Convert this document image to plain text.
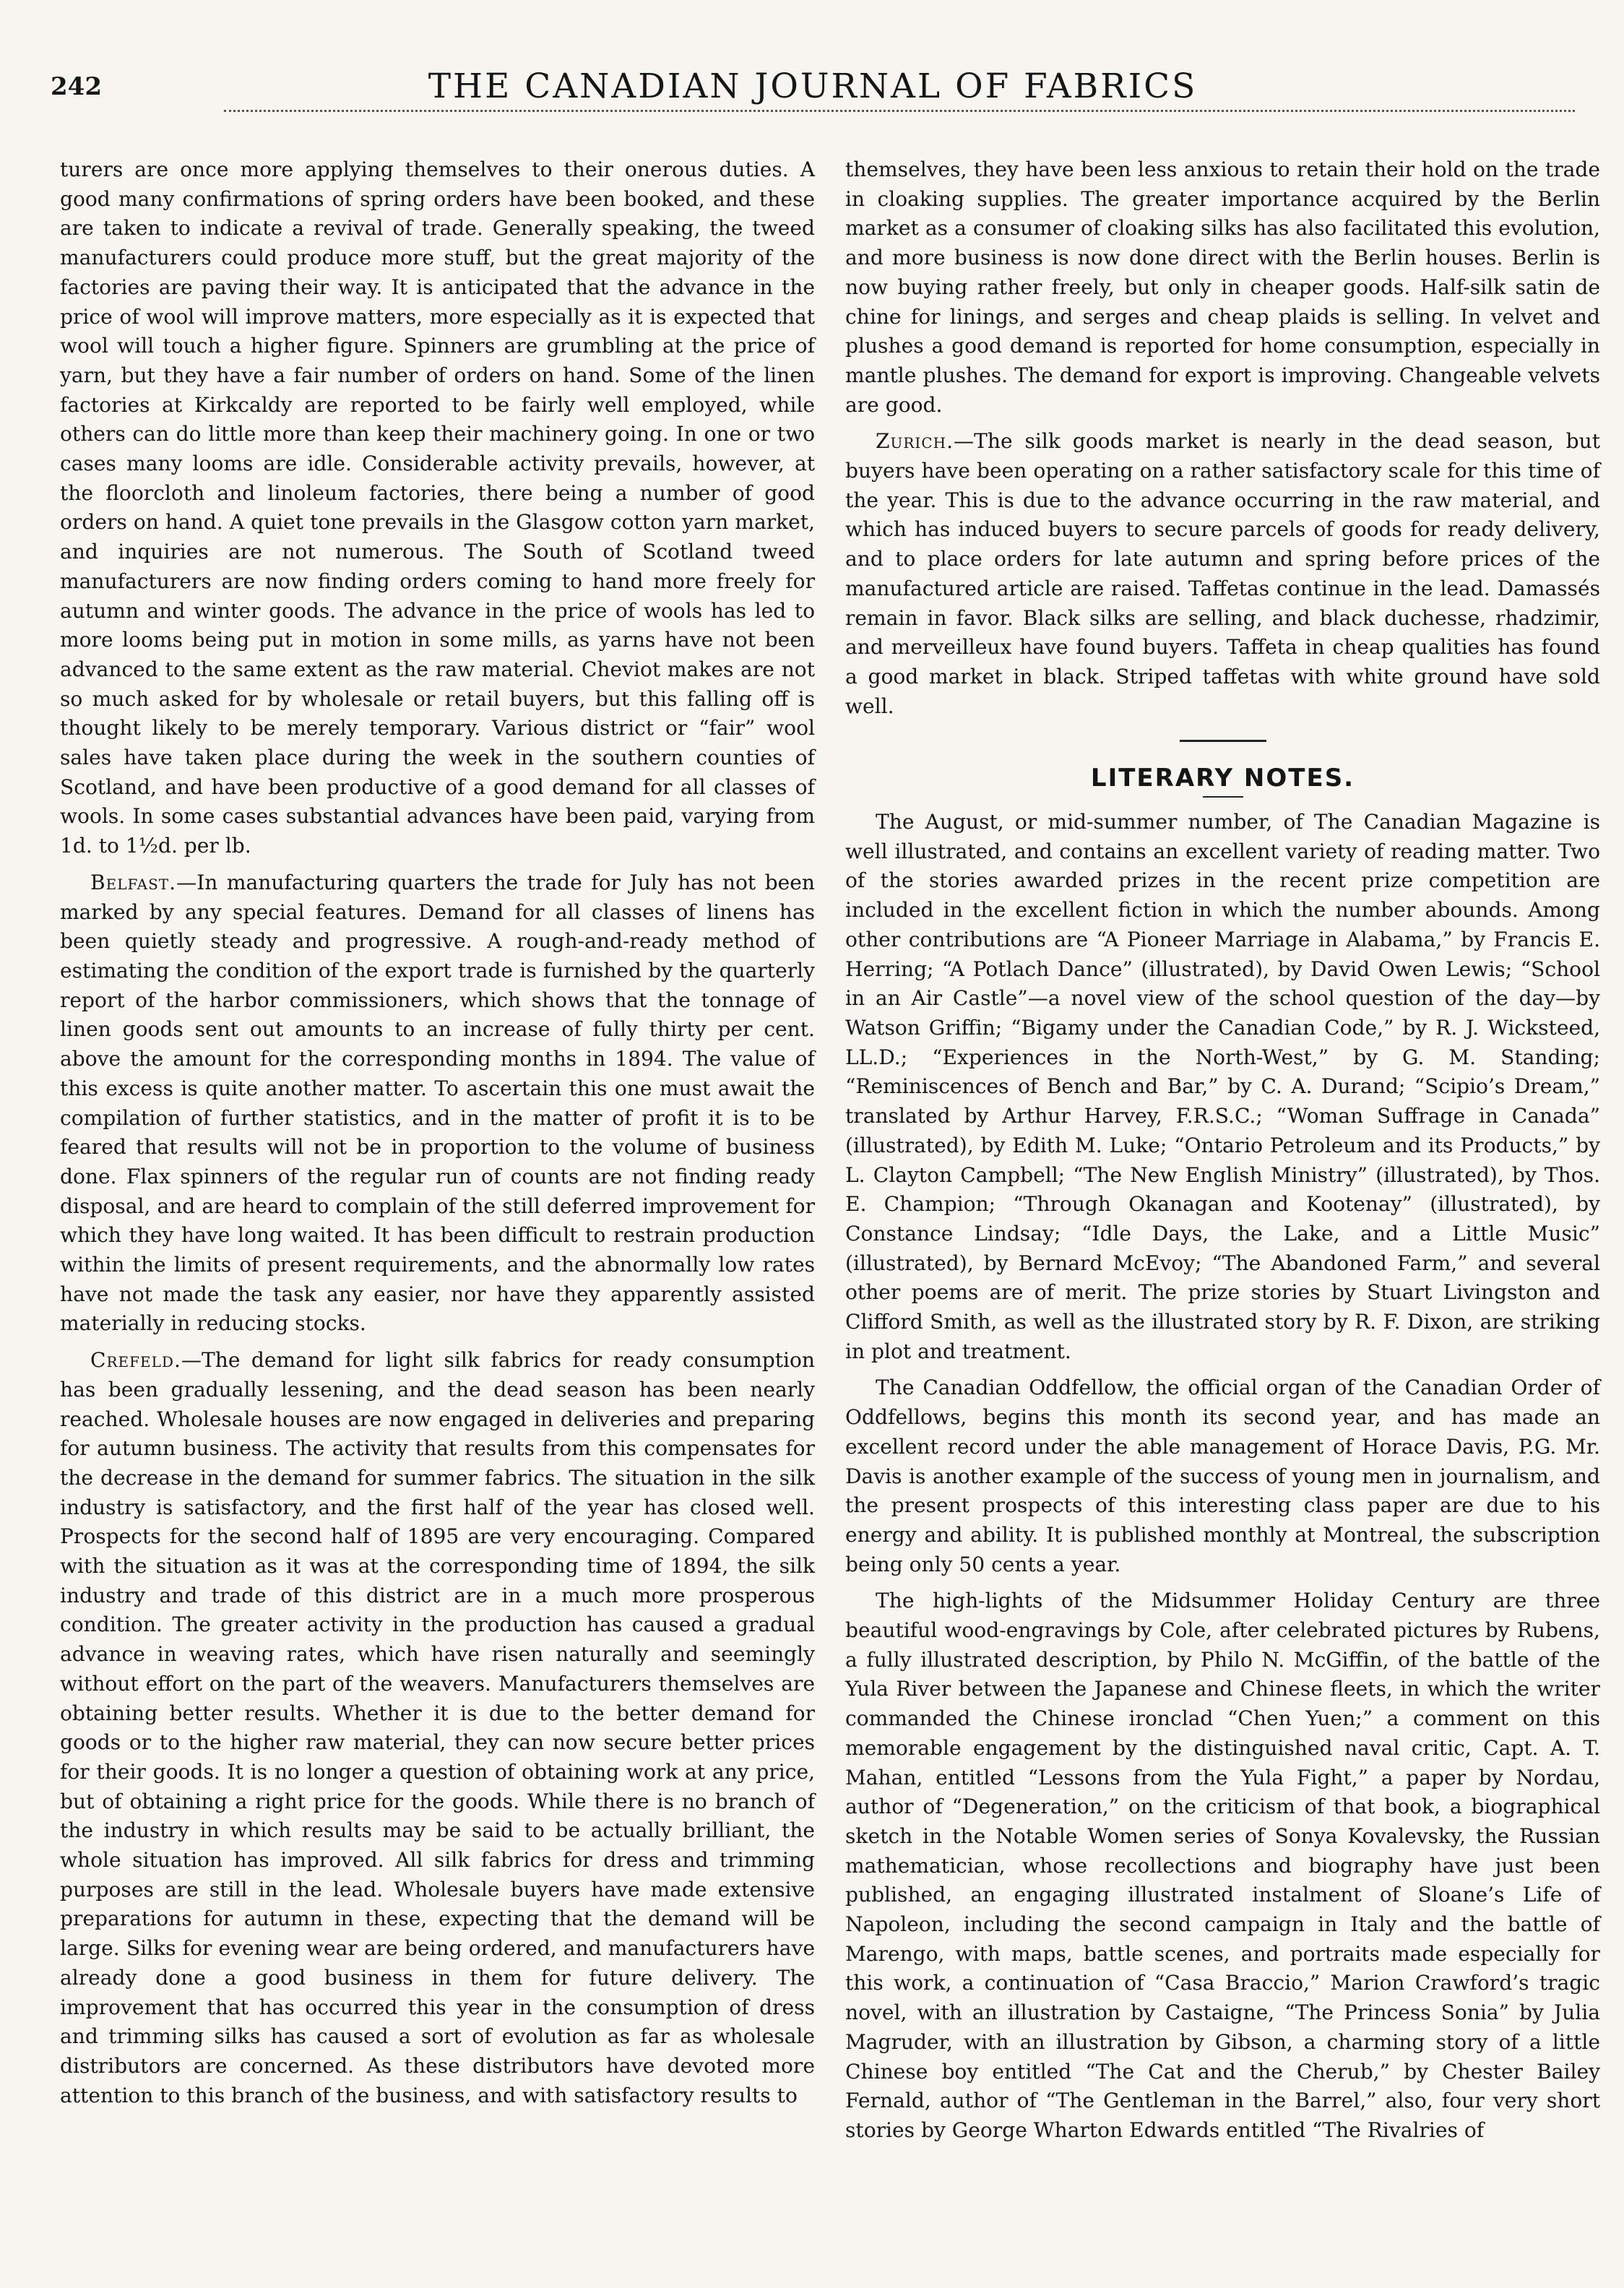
242	THE CANADIAN JOURNAL OF FABRICS

turers are once more applying themselves to their onerous duties. A good many confirmations of spring orders have been booked, and these are taken to indicate a revival of trade. Generally speaking, the tweed manufacturers could produce more stuff, but the great majority of the factories are paving their way. It is anticipated that the advance in the price of wool will improve matters, more especially as it is expected that wool will touch a higher figure. Spinners are grumbling at the price of yarn, but they have a fair number of orders on hand. Some of the linen factories at Kirkcaldy are reported to be fairly well employed, while others can do little more than keep their machinery going. In one or two cases many looms are idle. Considerable activity prevails, however, at the floorcloth and linoleum factories, there being a number of good orders on hand. A quiet tone prevails in the Glasgow cotton yarn market, and inquiries are not numerous. The South of Scotland tweed manufacturers are now finding orders coming to hand more freely for autumn and winter goods. The advance in the price of wools has led to more looms being put in motion in some mills, as yarns have not been advanced to the same extent as the raw material. Cheviot makes are not so much asked for by wholesale or retail buyers, but this falling off is thought likely to be merely temporary. Various district or “fair” wool sales have taken place during the week in the southern counties of Scotland, and have been productive of a good demand for all classes of wools. In some cases substantial advances have been paid, varying from 1d. to 1½d. per lb.

Belfast.—In manufacturing quarters the trade for July has not been marked by any special features. Demand for all classes of linens has been quietly steady and progressive. A rough-and-ready method of estimating the condition of the export trade is furnished by the quarterly report of the harbor commissioners, which shows that the tonnage of linen goods sent out amounts to an increase of fully thirty per cent. above the amount for the corresponding months in 1894. The value of this excess is quite another matter. To ascertain this one must await the compilation of further statistics, and in the matter of profit it is to be feared that results will not be in proportion to the volume of business done. Flax spinners of the regular run of counts are not finding ready disposal, and are heard to complain of the still deferred improvement for which they have long waited. It has been difficult to restrain production within the limits of present requirements, and the abnormally low rates have not made the task any easier, nor have they apparently assisted materially in reducing stocks.

Crefeld.—The demand for light silk fabrics for ready consumption has been gradually lessening, and the dead season has been nearly reached. Wholesale houses are now engaged in deliveries and preparing for autumn business. The activity that results from this compensates for the decrease in the demand for summer fabrics. The situation in the silk industry is satisfactory, and the first half of the year has closed well. Prospects for the second half of 1895 are very encouraging. Compared with the situation as it was at the corresponding time of 1894, the silk industry and trade of this district are in a much more prosperous condition. The greater activity in the production has caused a gradual advance in weaving rates, which have risen naturally and seemingly without effort on the part of the weavers. Manufacturers themselves are obtaining better results. Whether it is due to the better demand for goods or to the higher raw material, they can now secure better prices for their goods. It is no longer a question of obtaining work at any price, but of obtaining a right price for the goods. While there is no branch of the industry in which results may be said to be actually brilliant, the whole situation has improved. All silk fabrics for dress and trimming purposes are still in the lead. Wholesale buyers have made extensive preparations for autumn in these, expecting that the demand will be large. Silks for evening wear are being ordered, and manufacturers have already done a good business in them for future delivery. The improvement that has occurred this year in the consumption of dress and trimming silks has caused a sort of evolution as far as wholesale distributors are concerned. As these distributors have devoted more attention to this branch of the business, and with satisfactory results to

themselves, they have been less anxious to retain their hold on the trade in cloaking supplies. The greater importance acquired by the Berlin market as a consumer of cloaking silks has also facilitated this evolution, and more business is now done direct with the Berlin houses. Berlin is now buying rather freely, but only in cheaper goods. Half-silk satin de chine for linings, and serges and cheap plaids is selling. In velvet and plushes a good demand is reported for home consumption, especially in mantle plushes. The demand for export is improving. Changeable velvets are good.

Zurich.—The silk goods market is nearly in the dead season, but buyers have been operating on a rather satisfactory scale for this time of the year. This is due to the advance occurring in the raw material, and which has induced buyers to secure parcels of goods for ready delivery, and to place orders for late autumn and spring before prices of the manufactured article are raised. Taffetas continue in the lead. Damassés remain in favor. Black silks are selling, and black duchesse, rhadzimir, and merveilleux have found buyers. Taffeta in cheap qualities has found a good market in black. Striped taffetas with white ground have sold well.

LITERARY NOTES.

The August, or mid-summer number, of The Canadian Magazine is well illustrated, and contains an excellent variety of reading matter. Two of the stories awarded prizes in the recent prize competition are included in the excellent fiction in which the number abounds. Among other contributions are “A Pioneer Marriage in Alabama,” by Francis E. Herring; “A Potlach Dance” (illustrated), by David Owen Lewis; “School in an Air Castle”—a novel view of the school question of the day—by Watson Griffin; “Bigamy under the Canadian Code,” by R. J. Wicksteed, LL.D.; “Experiences in the North-West,” by G. M. Standing; “Reminiscences of Bench and Bar,” by C. A. Durand; “Scipio’s Dream,” translated by Arthur Harvey, F.R.S.C.; “Woman Suffrage in Canada” (illustrated), by Edith M. Luke; “Ontario Petroleum and its Products,” by L. Clayton Campbell; “The New English Ministry” (illustrated), by Thos. E. Champion; “Through Okanagan and Kootenay” (illustrated), by Constance Lindsay; “Idle Days, the Lake, and a Little Music” (illustrated), by Bernard McEvoy; “The Abandoned Farm,” and several other poems are of merit. The prize stories by Stuart Livingston and Clifford Smith, as well as the illustrated story by R. F. Dixon, are striking in plot and treatment.

The Canadian Oddfellow, the official organ of the Canadian Order of Oddfellows, begins this month its second year, and has made an excellent record under the able management of Horace Davis, P.G. Mr. Davis is another example of the success of young men in journalism, and the present prospects of this interesting class paper are due to his energy and ability. It is published monthly at Montreal, the subscription being only 50 cents a year.

The high-lights of the Midsummer Holiday Century are three beautiful wood-engravings by Cole, after celebrated pictures by Rubens, a fully illustrated description, by Philo N. McGiffin, of the battle of the Yula River between the Japanese and Chinese fleets, in which the writer commanded the Chinese ironclad “Chen Yuen;” a comment on this memorable engagement by the distinguished naval critic, Capt. A. T. Mahan, entitled “Lessons from the Yula Fight,” a paper by Nordau, author of “Degeneration,” on the criticism of that book, a biographical sketch in the Notable Women series of Sonya Kovalevsky, the Russian mathematician, whose recollections and biography have just been published, an engaging illustrated instalment of Sloane’s Life of Napoleon, including the second campaign in Italy and the battle of Marengo, with maps, battle scenes, and portraits made especially for this work, a continuation of “Casa Braccio,” Marion Crawford’s tragic novel, with an illustration by Castaigne, “The Princess Sonia” by Julia Magruder, with an illustration by Gibson, a charming story of a little Chinese boy entitled “The Cat and the Cherub,” by Chester Bailey Fernald, author of “The Gentleman in the Barrel,” also, four very short stories by George Wharton Edwards entitled “The Rivalries of
